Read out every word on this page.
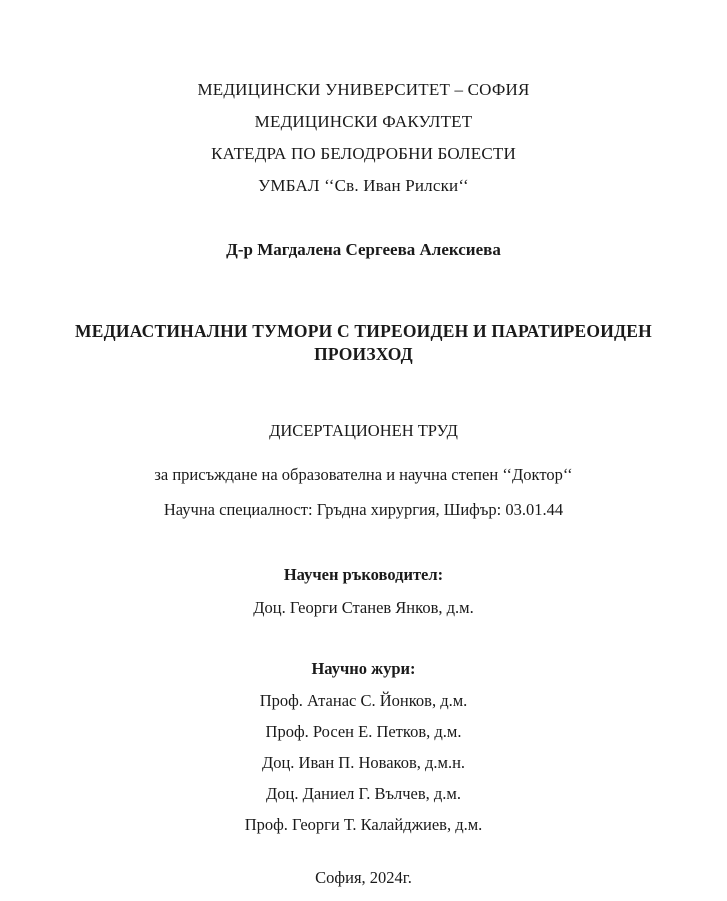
МЕДИЦИНСКИ УНИВЕРСИТЕТ – СОФИЯ
МЕДИЦИНСКИ ФАКУЛТЕТ
КАТЕДРА ПО БЕЛОДРОБНИ БОЛЕСТИ
УМБАЛ ‘‘Св. Иван Рилски‘‘
Д-р Магдалена Сергеева Алексиева
МЕДИАСТИНАЛНИ ТУМОРИ С ТИРЕОИДЕН И ПАРАТИРЕОИДЕН ПРОИЗХОД
ДИСЕРТАЦИОНЕН ТРУД
за присъждане на образователна и научна степен ‘‘Доктор‘‘
Научна специалност: Гръдна хирургия, Шифър: 03.01.44
Научен ръководител:
Доц. Георги Станев Янков, д.м.
Научно жури:
Проф. Атанас С. Йонков, д.м.
Проф. Росен Е. Петков, д.м.
Доц. Иван П. Новаков, д.м.н.
Доц. Даниел Г. Вълчев, д.м.
Проф. Георги Т. Калайджиев, д.м.
София, 2024г.
